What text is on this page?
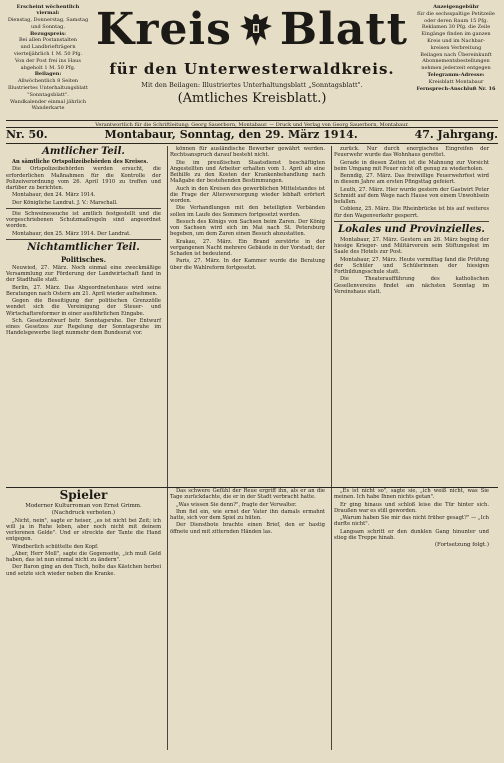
Erscheint wöchentlich viermal:

Dienstag, Donnerstag, Samstag

und Sonntag.

Bezugspreis:

Bei allen Postanstalten

und Landbriefträgern

vierteljährlich 1 M. 50 Pfg.

Von der Post frei ins Haus

abgeholt 1 M. 50 Pfg.

Beilagen:

Allwöchentlich 8 Seiten

Illustriertes Unterhaltungsblatt

"Sonntagsblatt".

Wandkalender einmal jährlich

Wanderkarte

Kreis Blatt
für den Unterwesterwaldkreis.
Mit den Beilagen: Illustriertes Unterhaltungsblatt „Sonntagsblatt".
(Amtliches Kreisblatt.)

Anzeigengebühr

für die sechsspaltige Petitzeile

oder deren Raum 15 Pfg.

Reklamen 30 Pfg. die Zeile

Eingänge finden im ganzen

Kreis und im Nachbar-

kreisen Verbreitung

Beilagen nach Übereinkunft

Abonnementsbestellungen

nehmen jederzeit entgegen

Telegramm-Adresse:

Kreisblatt Montabaur

Fernsprech-Anschluß Nr. 16

Verantwortlich für die Schriftleitung: Georg Sauerborn, Montabaur. — Druck und Verlag von Georg Sauerborn, Montabaur.
Nr. 50.	Montabaur, Sonntag, den 29. März 1914.	47. Jahrgang.

Amtlicher Teil.

An sämtliche Ortspolizeibehörden des Kreises.

Die Ortspolizeibehörden werden ersucht, die erforderlichen Maßnahmen für die Kontrolle der Polizeiverordnung vom 26. April 1910 zu treffen und darüber zu berichten.

Montabaur, den 24. März 1914.

Der Königliche Landrat. J. V.: Marschall.

Die Schweineseuche ist amtlich festgestellt und die vorgeschriebenen Schutzmaßregeln sind angeordnet worden.

Montabaur, den 25. März 1914. Der Landrat.

Nichtamtlicher Teil.

Politisches.

Neuwied, 27. März. Noch einmal eine zweckmäßige Versammlung zur Förderung der Landwirtschaft fand in der Stadthalle statt.

Berlin, 27. März. Das Abgeordnetenhaus wird seine Beratungen nach Ostern am 21. April wieder aufnehmen.

Gegen die Beseitigung der politischen Grenzzölle wendet sich die Vereinigung der Steuer- und Wirtschaftsreformer in einer ausführlichen Eingabe.

Sch. Gesetzentwurf betr. Sonntagsruhe. Der Entwurf eines Gesetzes zur Regelung der Sonntagsruhe im Handelsgewerbe liegt nunmehr dem Bundesrat vor.

können für ausländische Bewerber gewährt werden. Rechtsanspruch darauf besteht nicht.

Die im preußischen Staatsdienst beschäftigten Angestellten und Arbeiter erhalten vom 1. April ab eine Beihilfe zu den Kosten der Krankenbehandlung nach Maßgabe der bestehenden Bestimmungen.

Auch in den Kreisen des gewerblichen Mittelstandes ist die Frage der Altersversorgung wieder lebhaft erörtert worden.

Die Verhandlungen mit den beteiligten Verbänden sollen im Laufe des Sommers fortgesetzt werden.

Besuch des Königs von Sachsen beim Zaren. Der König von Sachsen wird sich im Mai nach St. Petersburg begeben, um dem Zaren einen Besuch abzustatten.

Krakau, 27. März. Ein Brand zerstörte in der vergangenen Nacht mehrere Gebäude in der Vorstadt; der Schaden ist bedeutend.

Paris, 27. März. In der Kammer wurde die Beratung über die Wahlreform fortgesetzt.

zurück. Nur durch energisches Eingreifen der Feuerwehr wurde das Wohnhaus gerettet.

Gerade in diesen Zeiten ist die Mahnung zur Vorsicht beim Umgang mit Feuer nicht oft genug zu wiederholen.

Benndig, 27. März. Das freiwillige Feuerwehrfest wird in diesem Jahre am ersten Pfingsttag gefeiert.

Leuth, 27. März. Hier wurde gestern der Gastwirt Peter Schmidt auf dem Wege nach Hause von einem Unwohlsein befallen.

Coblenz, 25. März. Die Rheinbrücke ist bis auf weiteres für den Wagenverkehr gesperrt.

Lokales und Provinzielles.

Montabaur, 27. März. Gestern am 26. März beging der hiesige Krieger- und Militärverein sein Stiftungsfest im Saale des Hotels zur Post.

Montabaur, 27. März. Heute vormittag fand die Prüfung der Schüler und Schülerinnen der hiesigen Fortbildungsschule statt.

Die Theateraufführung des katholischen Gesellenvereins findet am nächsten Sonntag im Vereinshaus statt.

Spieler

Moderner Kulturroman von Ernst Grimm.

(Nachdruck verboten.)

„Nicht, nein", sagte er heiser, „es ist nicht bei Zeit; ich will ja in Ruhe leben, aber noch nicht mit deinem verlorenen Gelde". Und er streckte der Tante die Hand entgegen.

Windberlich schüttelte den Kopf.

„Aber, Herr Moll", sagte die Gegenseite, „ich muß Geld haben, das ist nun einmal nicht zu ändern".

Der Baron ging an den Tisch, holte das Kästchen herbei und setzte sich wieder neben die Kranke.

Das schwere Gefühl der Reue ergriff ihn, als er an die Tage zurückdachte, die er in der Stadt verbracht hatte.

„Was wissen Sie denn?", fragte der Verwalter.

Ihm fiel ein, wie ernst der Vater ihn damals ermahnt hatte, sich vor dem Spiel zu hüten.

Der Dienstbote brachte einen Brief, den er hastig öffnete und mit zitternden Händen las.

„Es ist nicht so", sagte sie, „ich weiß nicht, was Sie meinen. Ich habe Ihnen nichts getan".

Er ging hinaus und schloß leise die Tür hinter sich. Draußen war es still geworden.

„Warum haben Sie mir das nicht früher gesagt?" — „Ich durfte nicht".

Langsam schritt er den dunklen Gang hinunter und stieg die Treppe hinab.

(Fortsetzung folgt.)
